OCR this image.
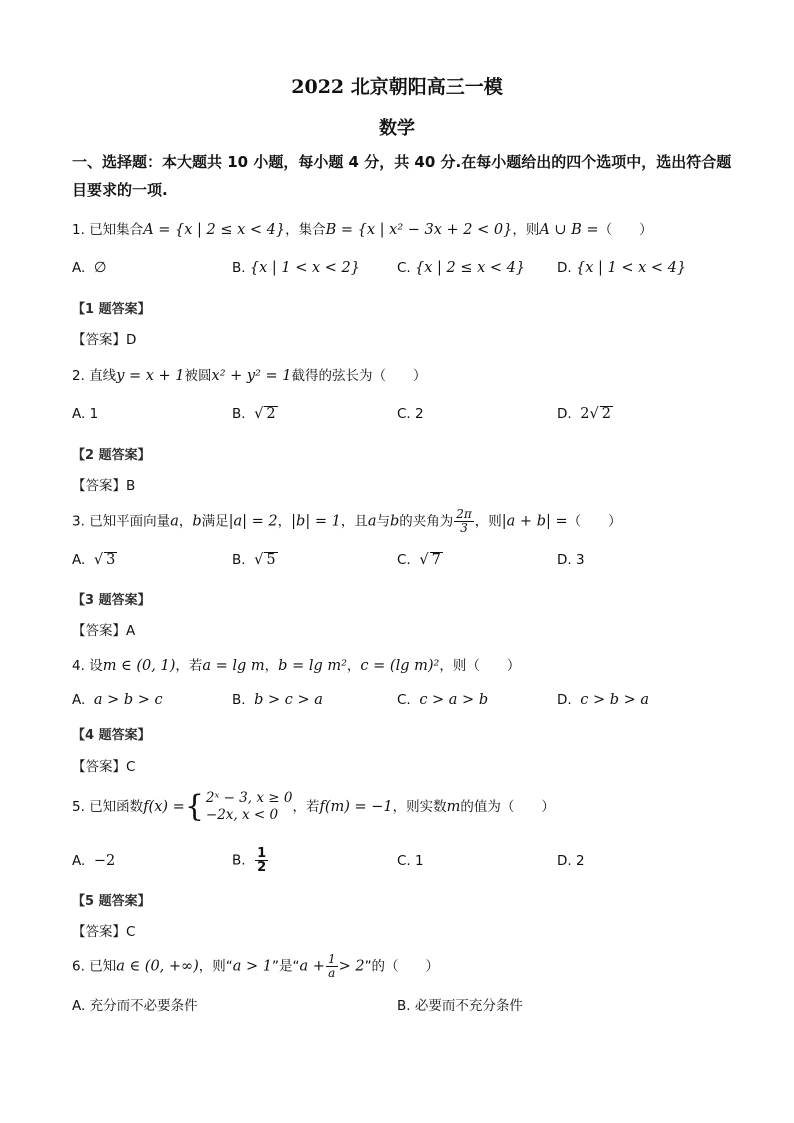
2022 北京朝阳高三一模
数学
一、选择题：本大题共 10 小题，每小题 4 分，共 40 分.在每小题给出的四个选项中，选出符合题目要求的一项.
1. 已知集合A = {x | 2 ≤ x < 4}，集合B = {x | x² − 3x + 2 < 0}，则A ∪ B =（　　）
A. ∅	B. {x | 1 < x < 2}	C. {x | 2 ≤ x < 4} D. {x | 1 < x < 4}
【1 题答案】
【答案】D
2. 直线y = x + 1被圆x² + y² = 1截得的弦长为（　　）
A. 1	B. √ 2	C. 2	D. 2√ 2
【2 题答案】
【答案】B
3. 已知平面向量a，b满足|a| = 2，|b| = 1，且a与b的夹角为 $\frac{2\pi}{3}$ ，则|a + b| =（　　）
A. √ 3	B. √ 5	C. √ 7	D. 3
【3 题答案】
【答案】A
4. 设m ∈ (0, 1)，若a = lg m，b = lg m²，c = (lg m)²，则（　　）
A. a > b > c	B. b > c > a	C. c > a > b	D. c > b > a
【4 题答案】
【答案】C
5. 已知函数f(x) ={ 2ˣ − 3, x ≥ 0
−2x, x < 0	，若f(m) = −1，则实数m的值为（　　）
A. −2	B. $\frac{1}{2}$	C. 1	D. 2
【5 题答案】
【答案】C
6. 已知a ∈ (0, +∞)，则“a > 1”是“$a + \frac{1}{a} > 2$”的（　　）
A. 充分而不必要条件	B. 必要而不充分条件
